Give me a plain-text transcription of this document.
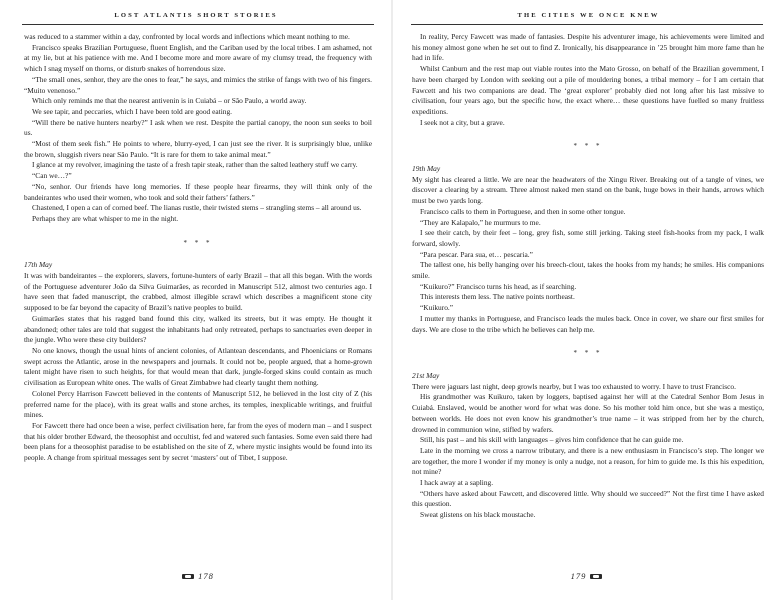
LOST ATLANTIS SHORT STORIES

was reduced to a stammer within a day, confronted by local words and inflections which meant nothing to me.

Francisco speaks Brazilian Portuguese, fluent English, and the Cariban used by the local tribes. I am ashamed, not at my lie, but at his patience with me. And I become more and more aware of my clumsy tread, the frequency with which I snag myself on thorns, or disturb snakes of horrendous size.

“The small ones, senhor, they are the ones to fear,” he says, and mimics the strike of fangs with two of his fingers. “Muito venenoso.”

Which only reminds me that the nearest antivenin is in Cuiabá – or São Paulo, a world away.

We see tapir, and peccaries, which I have been told are good eating.

“Will there be native hunters nearby?” I ask when we rest. Despite the partial canopy, the noon sun seeks to boil us.

“Most of them seek fish.” He points to where, blurry-eyed, I can just see the river. It is surprisingly blue, unlike the brown, sluggish rivers near São Paulo. “It is rare for them to take animal meat.”

I glance at my revolver, imagining the taste of a fresh tapir steak, rather than the salted leathery stuff we carry.

“Can we…?”

“No, senhor. Our friends have long memories. If these people hear firearms, they will think only of the bandeirantes who used their women, who took and sold their fathers’ fathers.”

Chastened, I open a can of corned beef. The lianas rustle, their twisted stems – strangling stems – all around us.

Perhaps they are what whisper to me in the night.

* * *

17th May

It was with bandeirantes – the explorers, slavers, fortune-hunters of early Brazil – that all this began. With the words of the Portuguese adventurer João da Silva Guimarães, as recorded in Manuscript 512, almost two centuries ago. I have seen that faded manuscript, the crabbed, almost illegible scrawl which describes a magnificent stone city supposed to be far beyond the capacity of Brazil’s native peoples to build.

Guimarães states that his ragged band found this city, walked its streets, but it was empty. He thought it abandoned; other tales are told that suggest the inhabitants had only retreated, perhaps to sanctuaries even deeper in the jungle. Who were these city builders?

No one knows, though the usual hints of ancient colonies, of Atlantean descendants, and Phoenicians or Romans swept across the Atlantic, arose in the newspapers and journals. It could not be, people argued, that a home-grown talent might have risen to such heights, for that would mean that dark, jungle-forged skins could contain as much civilisation as European white ones. The walls of Great Zimbabwe had clearly taught them nothing.

Colonel Percy Harrison Fawcett believed in the contents of Manuscript 512, he believed in the lost city of Z (his preferred name for the place), with its great walls and stone arches, its temples, inexplicable writings, and fruitful mines.

For Fawcett there had once been a wise, perfect civilisation here, far from the eyes of modern man – and I suspect that his older brother Edward, the theosophist and occultist, fed and watered such fantasies. Some even said there had been plans for a theosophist paradise to be established on the site of Z, where mystic insights would be found into its people. A change from spiritual messages sent by secret ‘masters’ out of Tibet, I suppose.

178
THE CITIES WE ONCE KNEW

In reality, Percy Fawcett was made of fantasies. Despite his adventurer image, his achievements were limited and his money almost gone when he set out to find Z. Ironically, his disappearance in ’25 brought him more fame than he had in life.

Whilst Canburn and the rest map out viable routes into the Mato Grosso, on behalf of the Brazilian government, I have been charged by London with seeking out a pile of mouldering bones, a tribal memory – for I am certain that Fawcett and his two companions are dead. The ‘great explorer’ probably died not long after his last missive to civilisation, four years ago, but the specific how, the exact where… these questions have fuelled so many fruitless expeditions.

I seek not a city, but a grave.

* * *

19th May

My sight has cleared a little. We are near the headwaters of the Xingu River. Breaking out of a tangle of vines, we discover a clearing by a stream. Three almost naked men stand on the bank, huge bows in their hands, arrows which must be two yards long.

Francisco calls to them in Portuguese, and then in some other tongue.

“They are Kalapalo,” he murmurs to me.

I see their catch, by their feet – long, grey fish, some still jerking. Taking steel fish-hooks from my pack, I walk forward, slowly.

“Para pescar. Para sua, et… pescaria.”

The tallest one, his belly hanging over his breech-clout, takes the hooks from my hands; he smiles. His companions smile.

“Kuikuro?” Francisco turns his head, as if searching.

This interests them less. The native points northeast.

“Kuikuro.”

I mutter my thanks in Portuguese, and Francisco leads the mules back. Once in cover, we share our first smiles for days. We are close to the tribe which he believes can help me.

* * *

21st May

There were jaguars last night, deep growls nearby, but I was too exhausted to worry. I have to trust Francisco.

His grandmother was Kuikuro, taken by loggers, baptised against her will at the Catedral Senhor Bom Jesus in Cuiabá. Enslaved, would be another word for what was done. So his mother told him once, but she was a mestiço, between worlds. He does not even know his grandmother’s true name – it was stripped from her by the church, drowned in communion wine, stifled by wafers.

Still, his past – and his skill with languages – gives him confidence that he can guide me.

Late in the morning we cross a narrow tributary, and there is a new enthusiasm in Francisco’s step. The longer we are together, the more I wonder if my money is only a nudge, not a reason, for him to guide me. Is this his expedition, not mine?

I hack away at a sapling.

“Others have asked about Fawcett, and discovered little. Why should we succeed?” Not the first time I have asked this question.

Sweat glistens on his black moustache.

179
